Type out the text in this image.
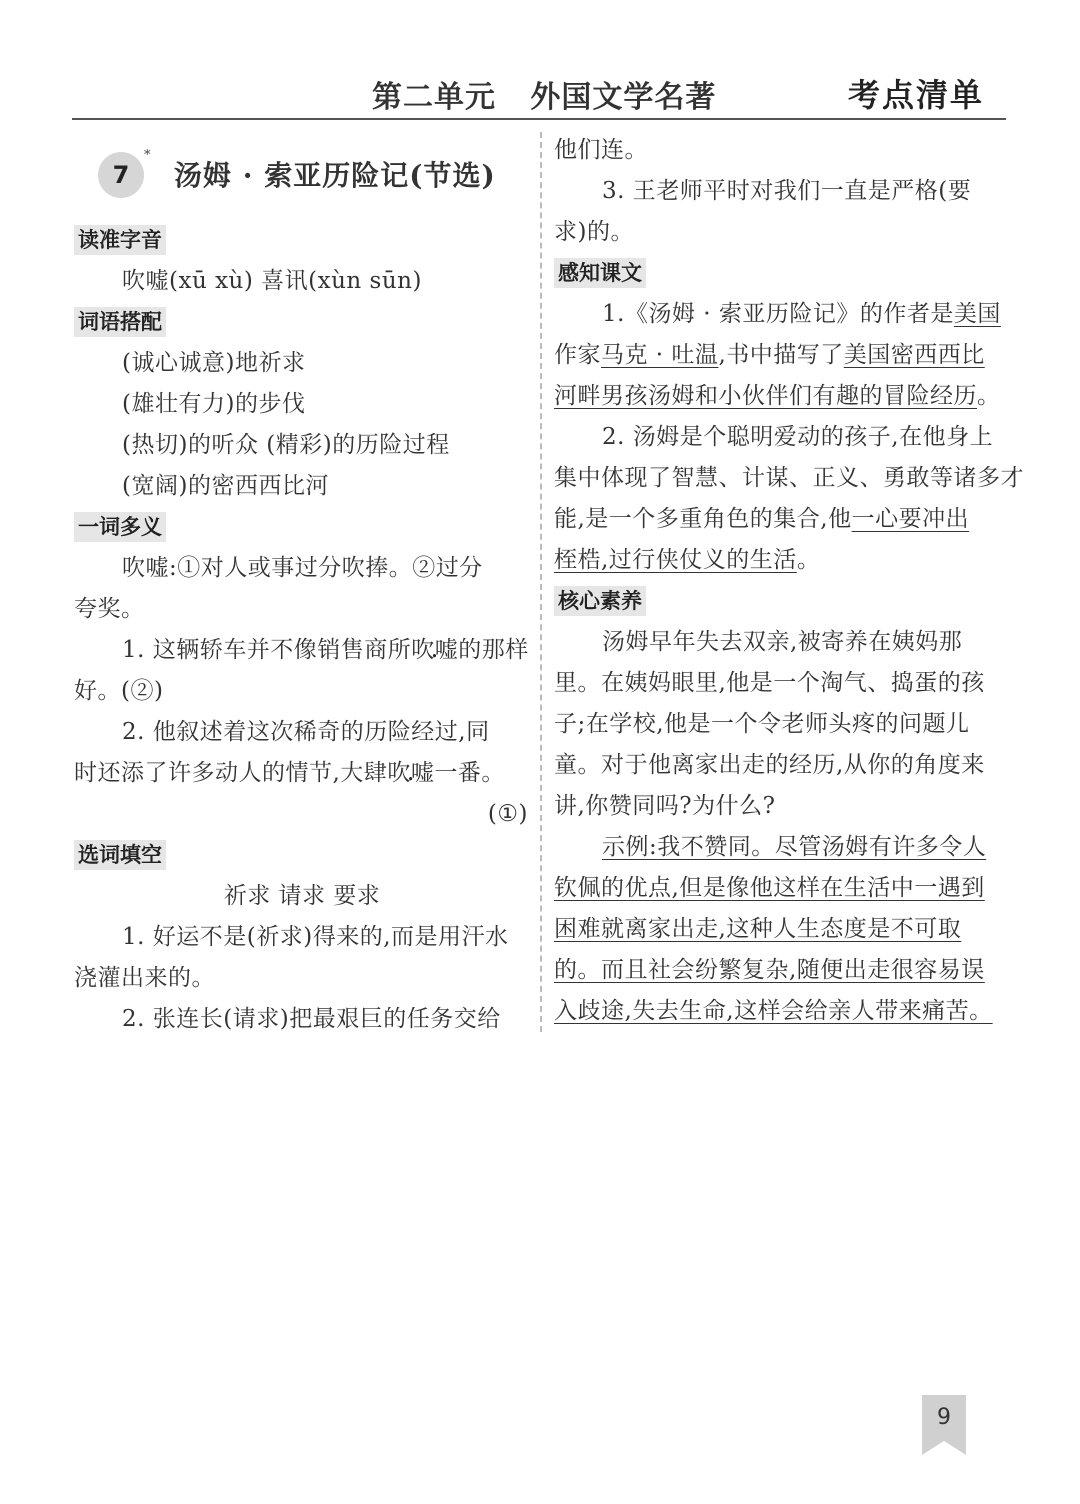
第二单元   外国文学名著	考点清单
7
*
汤姆 · 索亚历险记(节选)
读准字音
吹嘘(xū xù) 喜讯(xùn sūn)
词语搭配
(诚心诚意)地祈求
(雄壮有力)的步伐
(热切)的听众 (精彩)的历险过程
(宽阔)的密西西比河
一词多义
吹嘘:①对人或事过分吹捧。②过分
夸奖。
1. 这辆轿车并不像销售商所吹嘘的那样
好。(②)
2. 他叙述着这次稀奇的历险经过,同
时还添了许多动人的情节,大肆吹嘘一番。
(①)
选词填空
祈求 请求 要求
1. 好运不是(祈求)得来的,而是用汗水
浇灌出来的。
2. 张连长(请求)把最艰巨的任务交给
他们连。
3. 王老师平时对我们一直是严格(要
求)的。
感知课文
1.《汤姆 · 索亚历险记》的作者是美国
作家马克 · 吐温,书中描写了美国密西西比
河畔男孩汤姆和小伙伴们有趣的冒险经历。
2. 汤姆是个聪明爱动的孩子,在他身上
集中体现了智慧、计谋、正义、勇敢等诸多才
能,是一个多重角色的集合,他一心要冲出
桎梏,过行侠仗义的生活。
核心素养
汤姆早年失去双亲,被寄养在姨妈那
里。在姨妈眼里,他是一个淘气、捣蛋的孩
子;在学校,他是一个令老师头疼的问题儿
童。对于他离家出走的经历,从你的角度来
讲,你赞同吗?为什么?
示例:我不赞同。尽管汤姆有许多令人
钦佩的优点,但是像他这样在生活中一遇到
困难就离家出走,这种人生态度是不可取
的。而且社会纷繁复杂,随便出走很容易误
入歧途,失去生命,这样会给亲人带来痛苦。
9
